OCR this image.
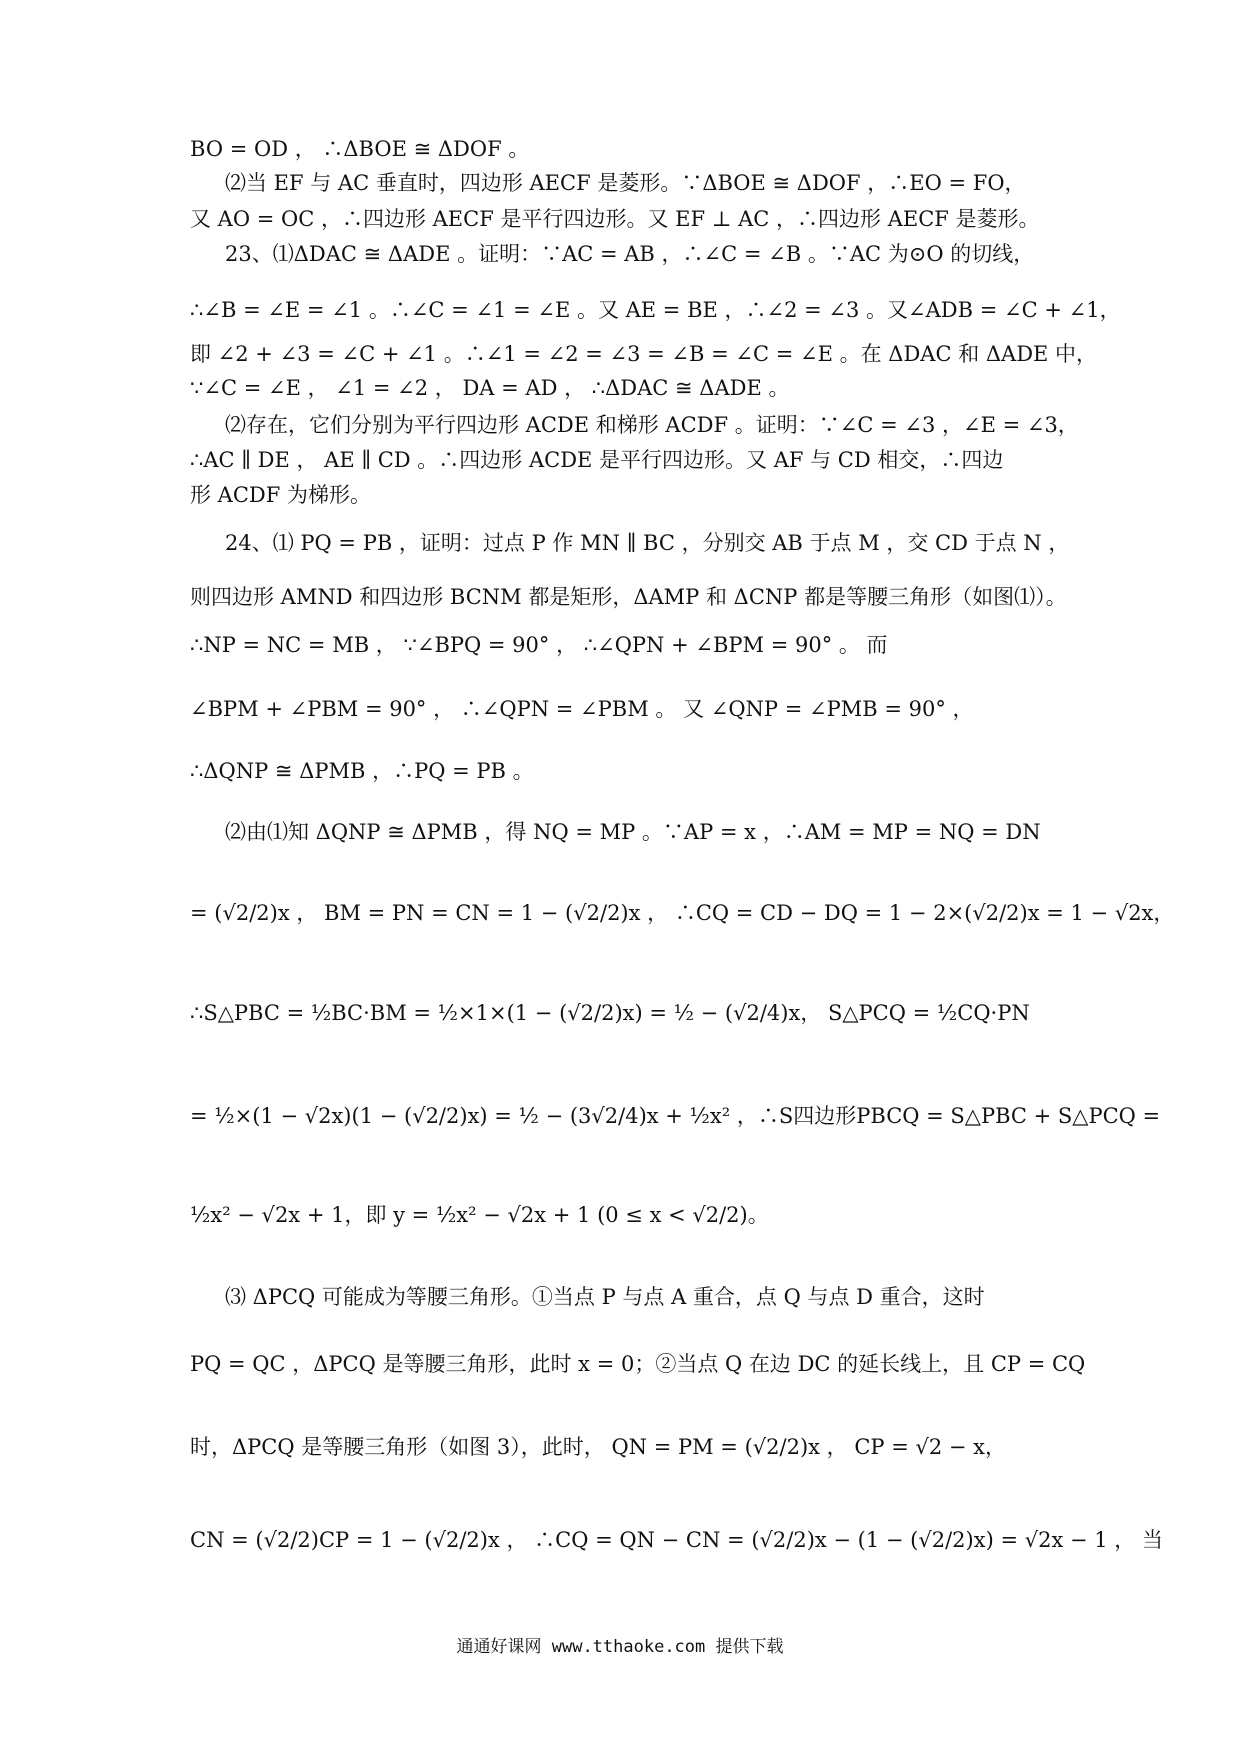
BO = OD ， ∴ΔBOE ≅ ΔDOF 。
⑵当 EF 与 AC 垂直时，四边形 AECF 是菱形。∵ΔBOE ≅ ΔDOF ，∴EO = FO，
又 AO = OC ，∴四边形 AECF 是平行四边形。又 EF ⊥ AC ，∴四边形 AECF 是菱形。
23、⑴ΔDAC ≅ ΔADE 。证明：∵AC = AB ，∴∠C = ∠B 。∵AC 为⊙O 的切线，
∴∠B = ∠E = ∠1 。∴∠C = ∠1 = ∠E 。又 AE = BE ，∴∠2 = ∠3 。又∠ADB = ∠C + ∠1，
即 ∠2 + ∠3 = ∠C + ∠1 。∴∠1 = ∠2 = ∠3 = ∠B = ∠C = ∠E 。在 ΔDAC 和 ΔADE 中，
∵∠C = ∠E ， ∠1 = ∠2 ， DA = AD ， ∴ΔDAC ≅ ΔADE 。
⑵存在，它们分别为平行四边形 ACDE 和梯形 ACDF 。证明：∵∠C = ∠3 ，∠E = ∠3，
∴AC ∥ DE ， AE ∥ CD 。∴四边形 ACDE 是平行四边形。又 AF 与 CD 相交，∴四边
形 ACDF 为梯形。
24、⑴ PQ = PB ，证明：过点 P 作 MN ∥ BC ，分别交 AB 于点 M ，交 CD 于点 N ，
则四边形 AMND 和四边形 BCNM 都是矩形，ΔAMP 和 ΔCNP 都是等腰三角形（如图⑴）。
∴NP = NC = MB ， ∵∠BPQ = 90° ， ∴∠QPN + ∠BPM = 90° 。 而
∠BPM + ∠PBM = 90° ， ∴∠QPN = ∠PBM 。 又 ∠QNP = ∠PMB = 90° ，
∴ΔQNP ≅ ΔPMB ，∴PQ = PB 。
⑵由⑴知 ΔQNP ≅ ΔPMB ，得 NQ = MP 。∵AP = x ，∴AM = MP = NQ = DN
= (√2/2)x ， BM = PN = CN = 1 − (√2/2)x ， ∴CQ = CD − DQ = 1 − 2×(√2/2)x = 1 − √2x，
∴S△PBC = ½BC·BM = ½×1×(1 − (√2/2)x) = ½ − (√2/4)x， S△PCQ = ½CQ·PN
= ½×(1 − √2x)(1 − (√2/2)x) = ½ − (3√2/4)x + ½x² ，∴S四边形PBCQ = S△PBC + S△PCQ =
½x² − √2x + 1，即 y = ½x² − √2x + 1 (0 ≤ x < √2/2)。
⑶ ΔPCQ 可能成为等腰三角形。①当点 P 与点 A 重合，点 Q 与点 D 重合，这时
PQ = QC ，ΔPCQ 是等腰三角形，此时 x = 0；②当点 Q 在边 DC 的延长线上，且 CP = CQ
时，ΔPCQ 是等腰三角形（如图 3），此时， QN = PM = (√2/2)x ， CP = √2 − x，
CN = (√2/2)CP = 1 − (√2/2)x ， ∴CQ = QN − CN = (√2/2)x − (1 − (√2/2)x) = √2x − 1 ， 当
通通好课网 www.tthaoke.com 提供下载
